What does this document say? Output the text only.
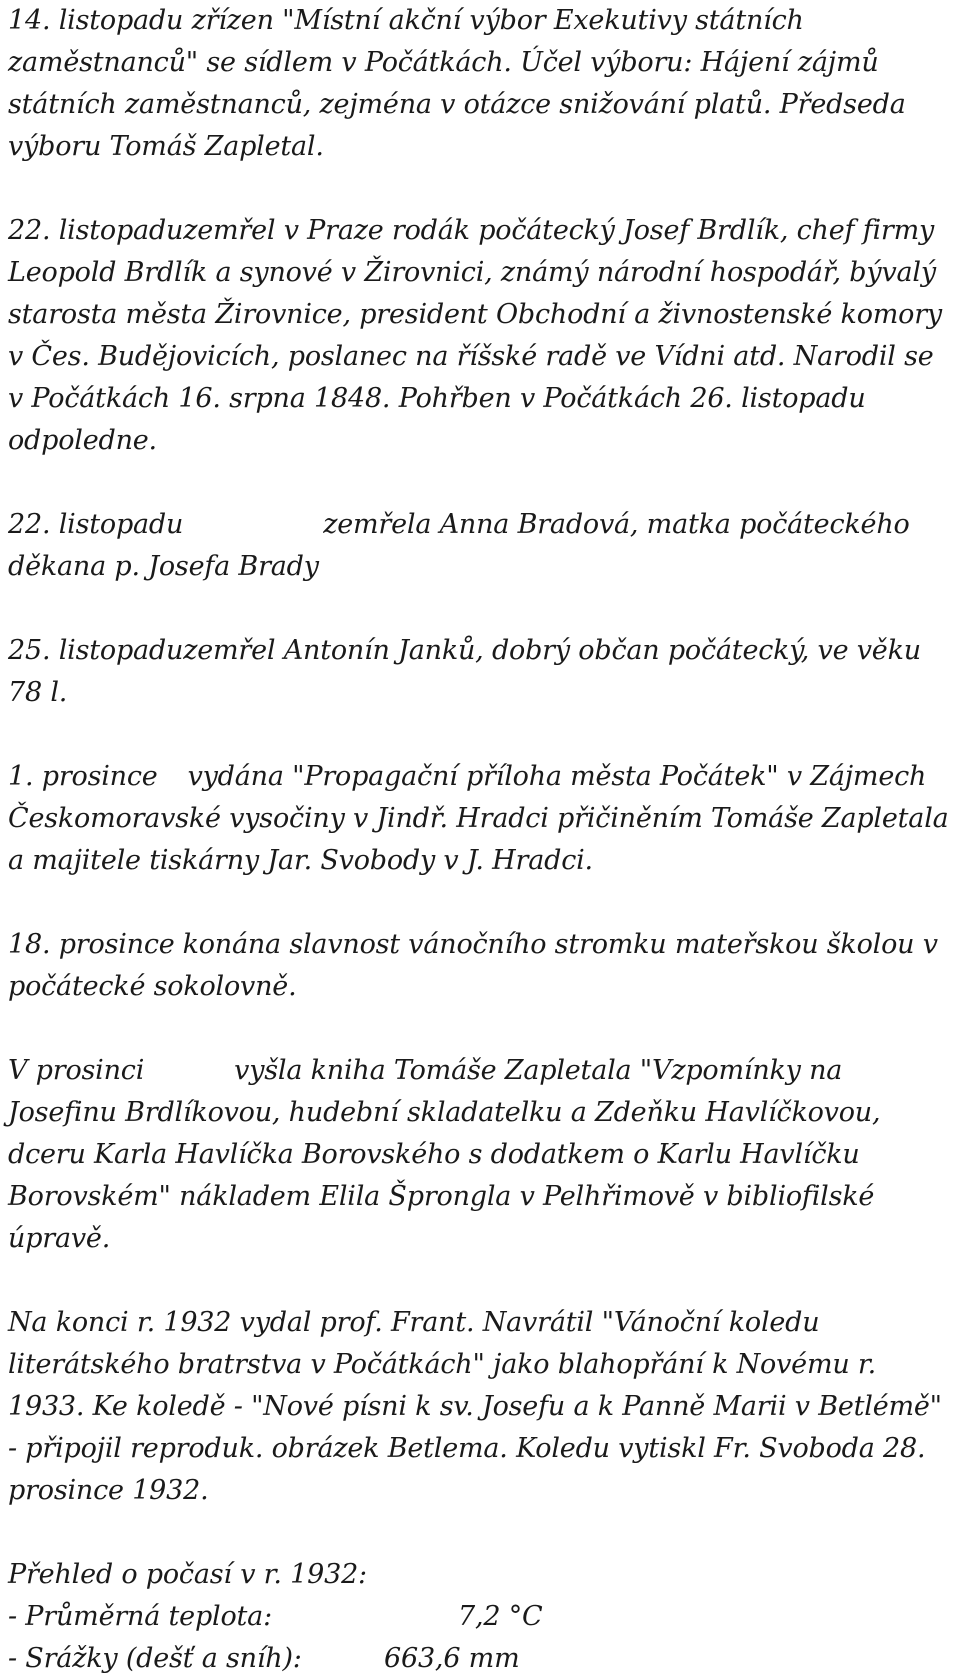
14. listopadu zřízen "Místní akční výbor Exekutivy státních zaměstnanců" se sídlem v Počátkách. Účel výboru: Hájení zájmů státních zaměstnanců, zejména v otázce snižování platů. Předseda výboru Tomáš Zapletal.

22. listopaduzemřel v Praze rodák počátecký Josef Brdlík, chef firmy Leopold Brdlík a synové v Žirovnici, známý národní hospodář, bývalý starosta města Žirovnice, president Obchodní a živnostenské komory v Čes. Budějovicích, poslanec na říšské radě ve Vídni atd. Narodil se v Počátkách 16. srpna 1848. Pohřben v Počátkách 26. listopadu odpoledne.

22. listopadu	zemřela Anna Bradová, matka počáteckého děkana p. Josefa Brady

25. listopaduzemřel Antonín Janků, dobrý občan počátecký, ve věku 78 l.

1. prosince vydána "Propagační příloha města Počátek" v Zájmech Českomoravské vysočiny v Jindř. Hradci přičiněním Tomáše Zapletala a majitele tiskárny Jar. Svobody v J. Hradci.

18. prosince konána slavnost vánočního stromku mateřskou školou v počátecké sokolovně.

V prosinci	vyšla kniha Tomáše Zapletala "Vzpomínky na Josefinu Brdlíkovou, hudební skladatelku a Zdeňku Havlíčkovou, dceru Karla Havlíčka Borovského s dodatkem o Karlu Havlíčku Borovském" nákladem Elila Šprongla v Pelhřimově v bibliofilské úpravě.

Na konci r. 1932 vydal prof. Frant. Navrátil "Vánoční koledu literátského bratrstva v Počátkách" jako blahopřání k Novému r. 1933. Ke koledě - "Nové písni k sv. Josefu a k Panně Marii v Betlémě" - připojil reproduk. obrázek Betlema. Koledu vytiskl Fr. Svoboda 28. prosince 1932.

Přehled o počasí v r. 1932:
- Průměrná teplota:	7,2 °C
- Srážky (dešť a sníh):	663,6 mm
